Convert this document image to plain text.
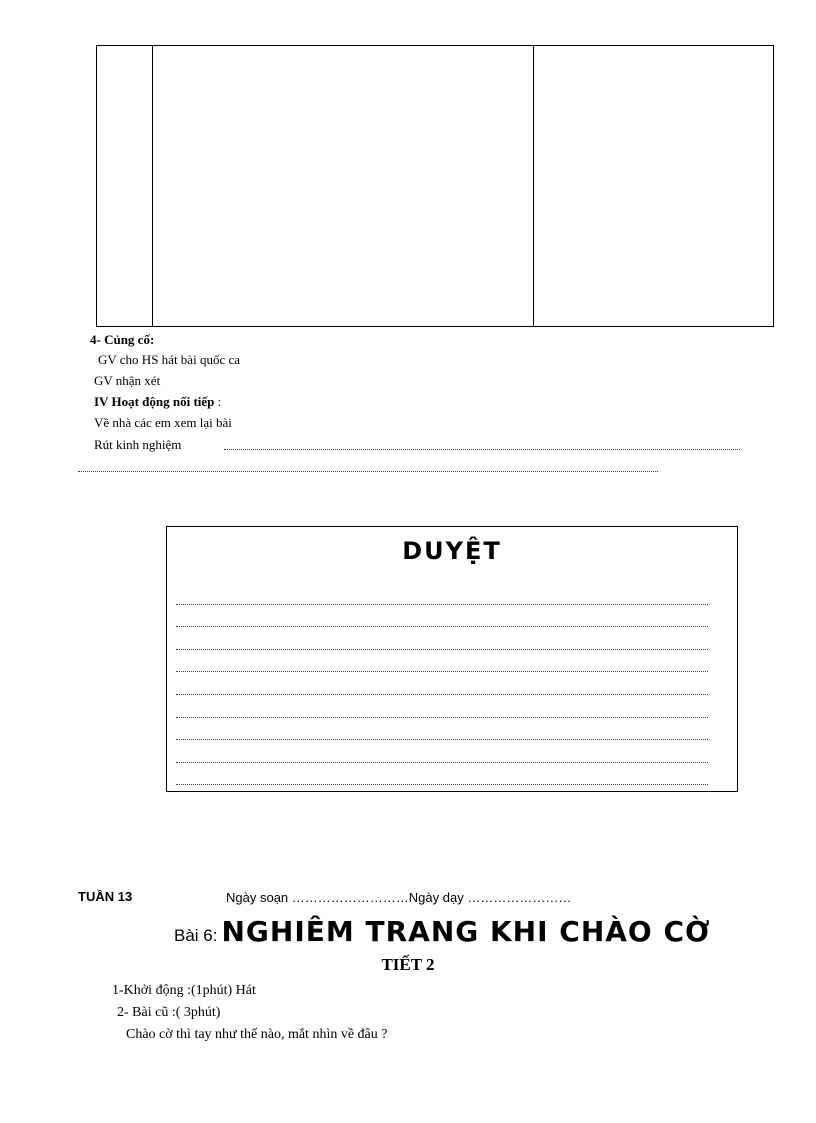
4- Củng cố:
GV cho HS hát bài quốc ca
GV nhận xét
IV Hoạt động nối tiếp :
Về nhà các em xem lại bài
Rút kinh nghiệm
DUYỆT
TUẦN 13	Ngày soạn ………………………Ngày dạy ……………………
Bài 6: NGHIÊM TRANG KHI CHÀO CỜ
TIẾT 2
1-Khởi động :(1phút) Hát
2- Bài cũ :( 3phút)
Chào cờ thì tay như thế nào, mắt nhìn về đâu ?
